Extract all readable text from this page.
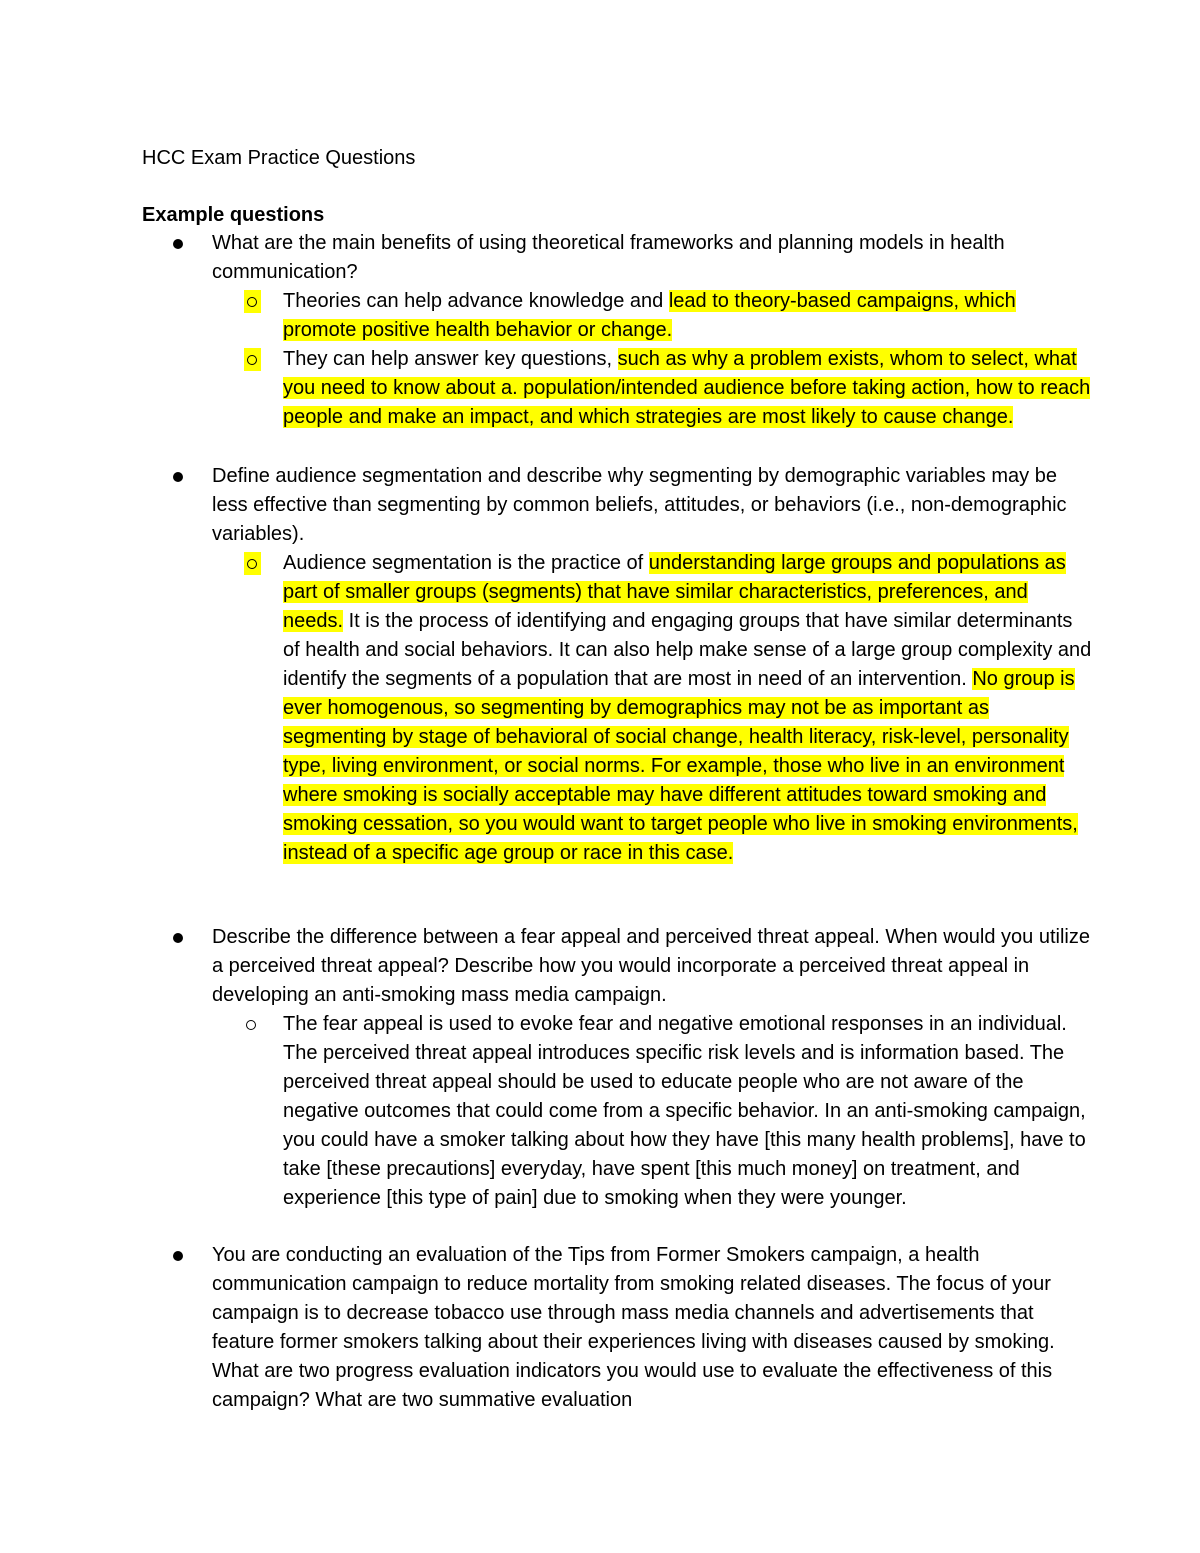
HCC Exam Practice Questions
Example questions
What are the main benefits of using theoretical frameworks and planning models in health communication?
Theories can help advance knowledge and lead to theory-based campaigns, which promote positive health behavior or change.
They can help answer key questions, such as why a problem exists, whom to select, what you need to know about a. population/intended audience before taking action, how to reach people and make an impact, and which strategies are most likely to cause change.
Define audience segmentation and describe why segmenting by demographic variables may be less effective than segmenting by common beliefs, attitudes, or behaviors (i.e., non-demographic variables).
Audience segmentation is the practice of understanding large groups and populations as part of smaller groups (segments) that have similar characteristics, preferences, and needs. It is the process of identifying and engaging groups that have similar determinants of health and social behaviors. It can also help make sense of a large group complexity and identify the segments of a population that are most in need of an intervention. No group is ever homogenous, so segmenting by demographics may not be as important as segmenting by stage of behavioral of social change, health literacy, risk-level, personality type, living environment, or social norms. For example, those who live in an environment where smoking is socially acceptable may have different attitudes toward smoking and smoking cessation, so you would want to target people who live in smoking environments, instead of a specific age group or race in this case.
Describe the difference between a fear appeal and perceived threat appeal. When would you utilize a perceived threat appeal? Describe how you would incorporate a perceived threat appeal in developing an anti-smoking mass media campaign.
The fear appeal is used to evoke fear and negative emotional responses in an individual. The perceived threat appeal introduces specific risk levels and is information based. The perceived threat appeal should be used to educate people who are not aware of the negative outcomes that could come from a specific behavior. In an anti-smoking campaign, you could have a smoker talking about how they have [this many health problems], have to take [these precautions] everyday, have spent [this much money] on treatment, and experience [this type of pain] due to smoking when they were younger.
You are conducting an evaluation of the Tips from Former Smokers campaign, a health communication campaign to reduce mortality from smoking related diseases. The focus of your campaign is to decrease tobacco use through mass media channels and advertisements that feature former smokers talking about their experiences living with diseases caused by smoking. What are two progress evaluation indicators you would use to evaluate the effectiveness of this campaign? What are two summative evaluation
